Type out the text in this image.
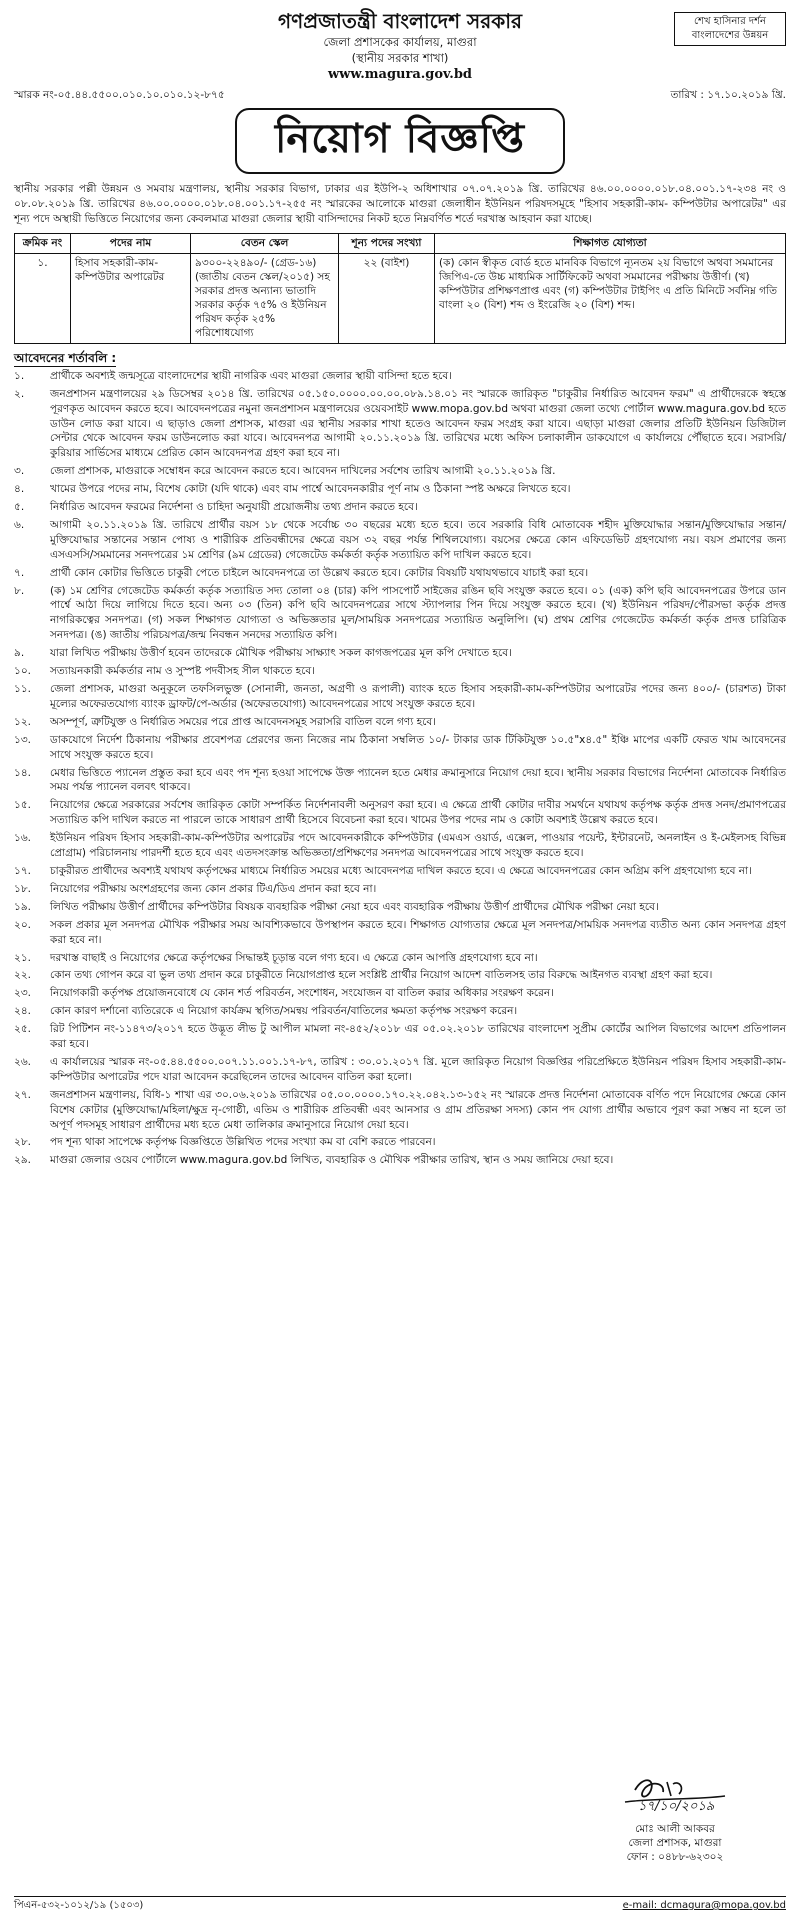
শেখ হাসিনার দর্শন বাংলাদেশের উন্নয়ন
গণপ্রজাতন্ত্রী বাংলাদেশ সরকার
জেলা প্রশাসকের কার্যালয়, মাগুরা
(স্থানীয় সরকার শাখা)
www.magura.gov.bd
স্মারক নং-০৫.৪৪.৫৫০০.০১০.১০.০১০.১২-৮৭৫	তারিখ : ১৭.১০.২০১৯ খ্রি.
নিয়োগ বিজ্ঞপ্তি

স্থানীয় সরকার পল্লী উন্নয়ন ও সমবায় মন্ত্রণালয়, স্থানীয় সরকার বিভাগ, ঢাকার এর ইউপি-২ অধিশাখার ০৭.০৭.২০১৯ খ্রি. তারিখের ৪৬.০০.০০০০.০১৮.০৪.০০১.১৭-২৩৪ নং ও ০৮.০৮.২০১৯ খ্রি. তারিখের ৪৬.০০.০০০০.০১৮.০৪.০০১.১৭-২৫৫ নং স্মারকের আলোকে মাগুরা জেলাধীন ইউনিয়ন পরিষদসমূহে "হিসাব সহকারী-কাম- কম্পিউটার অপারেটর" এর শূন্য পদে অস্থায়ী ভিত্তিতে নিয়োগের জন্য কেবলমাত্র মাগুরা জেলার স্থায়ী বাসিন্দাদের নিকট হতে নিম্নবর্ণিত শর্তে দরখাস্ত আহবান করা যাচ্ছে।

ক্রমিক নং	পদের নাম	বেতন স্কেল	শূন্য পদের সংখ্যা	শিক্ষাগত যোগ্যতা
১.	হিসাব সহকারী-কাম-কম্পিউটার অপারেটর	৯৩০০-২২৪৯০/- (গ্রেড-১৬) (জাতীয় বেতন স্কেল/২০১৫) সহ সরকার প্রদত্ত অন্যান্য ভাতাদি সরকার কর্তৃক ৭৫% ও ইউনিয়ন পরিষদ কর্তৃক ২৫% পরিশোধযোগ্য	২২ (বাইশ)	(ক) কোন স্বীকৃত বোর্ড হতে মানবিক বিভাগে ন্যূনতম ২য় বিভাগে অথবা সমমানের জিপিএ-তে উচ্চ মাধ্যমিক সার্টিফিকেট অথবা সমমানের পরীক্ষায় উত্তীর্ণ। (খ) কম্পিউটার প্রশিক্ষণপ্রাপ্ত এবং (গ) কম্পিউটার টাইপিং এ প্রতি মিনিটে সর্বনিম্ন গতি বাংলা ২০ (বিশ) শব্দ ও ইংরেজি ২০ (বিশ) শব্দ।
আবেদনের শর্তাবলি :
১.	প্রার্থীকে অবশ্যই জন্মসূত্রে বাংলাদেশের স্থায়ী নাগরিক এবং মাগুরা জেলার স্থায়ী বাসিন্দা হতে হবে।
২.	জনপ্রশাসন মন্ত্রণালয়ের ২৯ ডিসেম্বর ২০১৪ খ্রি. তারিখের ০৫.১৫০.০০০০.০০.০০.০৮৯.১৪.০১ নং স্মারকে জারিকৃত "চাকুরীর নির্ধারিত আবেদন ফরম" এ প্রার্থীদেরকে স্বহস্তে পূরণকৃত আবেদন করতে হবে। আবেদনপত্রের নমুনা জনপ্রশাসন মন্ত্রণালয়ের ওয়েবসাইট www.mopa.gov.bd অথবা মাগুরা জেলা তথ্যে পোর্টাল www.magura.gov.bd হতে ডাউন লোড করা যাবে। এ ছাড়াও জেলা প্রশাসক, মাগুরা এর স্থানীয় সরকার শাখা হতেও আবেদন ফরম সংগ্রহ করা যাবে। এছাড়া মাগুরা জেলার প্রতিটি ইউনিয়ন ডিজিটাল সেন্টার থেকে আবেদন ফরম ডাউনলোড করা যাবে। আবেদনপত্র আগামী ২০.১১.২০১৯ খ্রি. তারিখের মধ্যে অফিস চলাকালীন ডাকযোগে এ কার্যালয়ে পৌঁছাতে হবে। সরাসরি/কুরিয়ার সার্ভিসের মাধ্যমে প্রেরিত কোন আবেদনপত্র গ্রহণ করা হবে না।
৩.	জেলা প্রশাসক, মাগুরাকে সম্বোধন করে আবেদন করতে হবে। আবেদন দাখিলের সর্বশেষ তারিখ আগামী ২০.১১.২০১৯ খ্রি.
৪.	খামের উপরে পদের নাম, বিশেষ কোটা (যদি থাকে) এবং বাম পার্শ্বে আবেদনকারীর পূর্ণ নাম ও ঠিকানা স্পষ্ট অক্ষরে লিখতে হবে।
৫.	নির্ধারিত আবেদন ফরমের নির্দেশনা ও চাহিদা অনুযায়ী প্রয়োজনীয় তথ্য প্রদান করতে হবে।
৬.	আগামী ২০.১১.২০১৯ খ্রি. তারিখে প্রার্থীর বয়স ১৮ থেকে সর্বোচ্চ ৩০ বছরের মধ্যে হতে হবে। তবে সরকারি বিধি মোতাবেক শহীদ মুক্তিযোদ্ধার সন্তান/মুক্তিযোদ্ধার সন্তান/মুক্তিযোদ্ধার সন্তানের সন্তান পোষ্য ও শারীরিক প্রতিবন্ধীদের ক্ষেত্রে বয়স ৩২ বছর পর্যন্ত শিথিলযোগ্য। বয়সের ক্ষেত্রে কোন এফিডেভিট গ্রহণযোগ্য নয়। বয়স প্রমাণের জন্য এসএসসি/সমমানের সনদপত্রের ১ম শ্রেণির (৯ম গ্রেডের) গেজেটেড কর্মকর্তা কর্তৃক সত্যায়িত কপি দাখিল করতে হবে।
৭.	প্রার্থী কোন কোটার ভিত্তিতে চাকুরী পেতে চাইলে আবেদনপত্রে তা উল্লেখ করতে হবে। কোটার বিষয়টি যথাযথভাবে যাচাই করা হবে।
৮.	(ক) ১ম শ্রেণির গেজেটেড কর্মকর্তা কর্তৃক সত্যায়িত সদ্য তোলা ০৪ (চার) কপি পাসপোর্ট সাইজের রঙিন ছবি সংযুক্ত করতে হবে। ০১ (এক) কপি ছবি আবেদনপত্রের উপরে ডান পার্শ্বে আঠা দিয়ে লাগিয়ে দিতে হবে। অন্য ০৩ (তিন) কপি ছবি আবেদনপত্রের সাথে স্ট্যাপলার পিন দিয়ে সংযুক্ত করতে হবে। (খ) ইউনিয়ন পরিষদ/পৌরসভা কর্তৃক প্রদত্ত নাগরিকত্বের সনদপত্র। (গ) সকল শিক্ষাগত যোগ্যতা ও অভিজ্ঞতার মূল/সাময়িক সনদপত্রের সত্যায়িত অনুলিপি। (ঘ) প্রথম শ্রেণির গেজেটেড কর্মকর্তা কর্তৃক প্রদত্ত চারিত্রিক সনদপত্র। (ঙ) জাতীয় পরিচয়পত্র/জন্ম নিবন্ধন সনদের সত্যায়িত কপি।
৯.	যারা লিখিত পরীক্ষায় উত্তীর্ণ হবেন তাদেরকে মৌখিক পরীক্ষায় সাক্ষ্যাৎ সকল কাগজপত্রের মূল কপি দেখাতে হবে।
১০.	সত্যায়নকারী কর্মকর্তার নাম ও সুস্পষ্ট পদবীসহ সীল থাকতে হবে।
১১.	জেলা প্রশাসক, মাগুরা অনুকূলে তফসিলভুক্ত (সোনালী, জনতা, অগ্রণী ও রূপালী) ব্যাংক হতে হিসাব সহকারী-কাম-কম্পিউটার অপারেটর পদের জন্য ৪০০/- (চারশত) টাকা মূল্যের অফেরতযোগ্য ব্যাংক ড্রাফট/পে-অর্ডার (অফেরতযোগ্য) আবেদনপত্রের সাথে সংযুক্ত করতে হবে।
১২.	অসম্পূর্ণ, ত্রুটিযুক্ত ও নির্ধারিত সময়ের পরে প্রাপ্ত আবেদনসমূহ সরাসরি বাতিল বলে গণ্য হবে।
১৩.	ডাকযোগে নির্দেশ ঠিকানায় পরীক্ষার প্রবেশপত্র প্রেরণের জন্য নিজের নাম ঠিকানা সম্বলিত ১০/- টাকার ডাক টিকিটযুক্ত ১০.৫"x৪.৫" ইঞ্চি মাপের একটি ফেরত খাম আবেদনের সাথে সংযুক্ত করতে হবে।
১৪.	মেধার ভিত্তিতে প্যানেল প্রস্তুত করা হবে এবং পদ শূন্য হওয়া সাপেক্ষে উক্ত প্যানেল হতে মেধার ক্রমানুসারে নিয়োগ দেয়া হবে। স্থানীয় সরকার বিভাগের নির্দেশনা মোতাবেক নির্ধারিত সময় পর্যন্ত প্যানেল বলবৎ থাকবে।
১৫.	নিয়োগের ক্ষেত্রে সরকারের সর্বশেষ জারিকৃত কোটা সম্পর্কিত নির্দেশনাবলী অনুসরণ করা হবে। এ ক্ষেত্রে প্রার্থী কোটার দাবীর সমর্থনে যথাযথ কর্তৃপক্ষ কর্তৃক প্রদত্ত সনদ/প্রমাণপত্রের সত্যায়িত কপি দাখিল করতে না পারলে তাকে সাধারণ প্রার্থী হিসেবে বিবেচনা করা হবে। খামের উপর পদের নাম ও কোটা অবশ্যই উল্লেখ করতে হবে।
১৬.	ইউনিয়ন পরিষদ হিসাব সহকারী-কাম-কম্পিউটার অপারেটর পদে আবেদনকারীকে কম্পিউটার (এমএস ওয়ার্ড, এক্সেল, পাওয়ার পয়েন্ট, ইন্টারনেট, অনলাইন ও ই-মেইলসহ বিভিন্ন প্রোগ্রাম) পরিচালনায় পারদর্শী হতে হবে এবং এতদসংক্রান্ত অভিজ্ঞতা/প্রশিক্ষণের সনদপত্র আবেদনপত্রের সাথে সংযুক্ত করতে হবে।
১৭.	চাকুরীরত প্রার্থীদের অবশ্যই যথাযথ কর্তৃপক্ষের মাধ্যমে নির্ধারিত সময়ের মধ্যে আবেদনপত্র দাখিল করতে হবে। এ ক্ষেত্রে আবেদনপত্রের কোন অগ্রিম কপি গ্রহণযোগ্য হবে না।
১৮.	নিয়োগের পরীক্ষায় অংশগ্রহণের জন্য কোন প্রকার টিএ/ডিএ প্রদান করা হবে না।
১৯.	লিখিত পরীক্ষায় উত্তীর্ণ প্রার্থীদের কম্পিউটার বিষয়ক ব্যবহারিক পরীক্ষা নেয়া হবে এবং ব্যবহারিক পরীক্ষায় উত্তীর্ণ প্রার্থীদের মৌখিক পরীক্ষা নেয়া হবে।
২০.	সকল প্রকার মূল সনদপত্র মৌখিক পরীক্ষার সময় আবশ্যিকভাবে উপস্থাপন করতে হবে। শিক্ষাগত যোগ্যতার ক্ষেত্রে মূল সনদপত্র/সাময়িক সনদপত্র ব্যতীত অন্য কোন সনদপত্র গ্রহণ করা হবে না।
২১.	দরখাস্ত বাছাই ও নিয়োগের ক্ষেত্রে কর্তৃপক্ষের সিদ্ধান্তই চূড়ান্ত বলে গণ্য হবে। এ ক্ষেত্রে কোন আপত্তি গ্রহণযোগ্য হবে না।
২২.	কোন তথ্য গোপন করে বা ভুল তথ্য প্রদান করে চাকুরীতে নিয়োগপ্রাপ্ত হলে সংশ্লিষ্ট প্রার্থীর নিয়োগ আদেশ বাতিলসহ তার বিরুদ্ধে আইনগত ব্যবস্থা গ্রহণ করা হবে।
২৩.	নিয়োগকারী কর্তৃপক্ষ প্রয়োজনবোধে যে কোন শর্ত পরিবর্তন, সংশোধন, সংযোজন বা বাতিল করার অধিকার সংরক্ষণ করেন।
২৪.	কোন কারণ দর্শানো ব্যতিরেকে এ নিয়োগ কার্যক্রম স্থগিত/সমন্বয় পরিবর্তন/বাতিলের ক্ষমতা কর্তৃপক্ষ সংরক্ষণ করেন।
২৫.	রিট পিটিশন নং-১১৪৭৩/২০১৭ হতে উদ্ভূত লীভ টু আপীল মামলা নং-৪৫২/২০১৮ এর ০৫.০২.২০১৮ তারিখের বাংলাদেশ সুপ্রীম কোর্টের আপিল বিভাগের আদেশ প্রতিপালন করা হবে।
২৬.	এ কার্যালয়ের স্মারক নং-০৫.৪৪.৫৫০০.০০৭.১১.০০১.১৭-৮৭, তারিখ : ৩০.০১.২০১৭ খ্রি. মূলে জারিকৃত নিয়োগ বিজ্ঞপ্তির পরিপ্রেক্ষিতে ইউনিয়ন পরিষদ হিসাব সহকারী-কাম-কম্পিউটার অপারেটর পদে যারা আবেদন করেছিলেন তাদের আবেদন বাতিল করা হলো।
২৭.	জনপ্রশাসন মন্ত্রণালয়, বিধি-১ শাখা এর ৩০.০৬.২০১৯ তারিখের ০৫.০০.০০০০.১৭০.২২.০৪২.১৩-১৫২ নং স্মারকে প্রদত্ত নির্দেশনা মোতাবেক বর্ণিত পদে নিয়োগের ক্ষেত্রে কোন বিশেষ কোটার (মুক্তিযোদ্ধা/মহিলা/ক্ষুদ্র নৃ-গোষ্ঠী, এতিম ও শারীরিক প্রতিবন্ধী এবং আনসার ও গ্রাম প্রতিরক্ষা সদস্য) কোন পদ যোগ্য প্রার্থীর অভাবে পূরণ করা সম্ভব না হলে তা অপূর্ণ পদসমূহ সাধারণ প্রার্থীদের মধ্য হতে মেধা তালিকার ক্রমানুসারে নিয়োগ দেয়া হবে।
২৮.	পদ শূন্য থাকা সাপেক্ষে কর্তৃপক্ষ বিজ্ঞপ্তিতে উল্লিখিত পদের সংখ্যা কম বা বেশি করতে পারবেন।
২৯.	মাগুরা জেলার ওয়েব পোর্টালে www.magura.gov.bd লিখিত, ব্যবহারিক ও মৌখিক পরীক্ষার তারিখ, স্থান ও সময় জানিয়ে দেয়া হবে।
১৭/১০/২০১৯
মোঃ আলী আকবর
জেলা প্রশাসক, মাগুরা
ফোন : ০৪৮৮-৬২৩০২
পিএন-৫৩২-১০১২/১৯ (১৫০৩)	e-mail: dcmagura@mopa.gov.bd
